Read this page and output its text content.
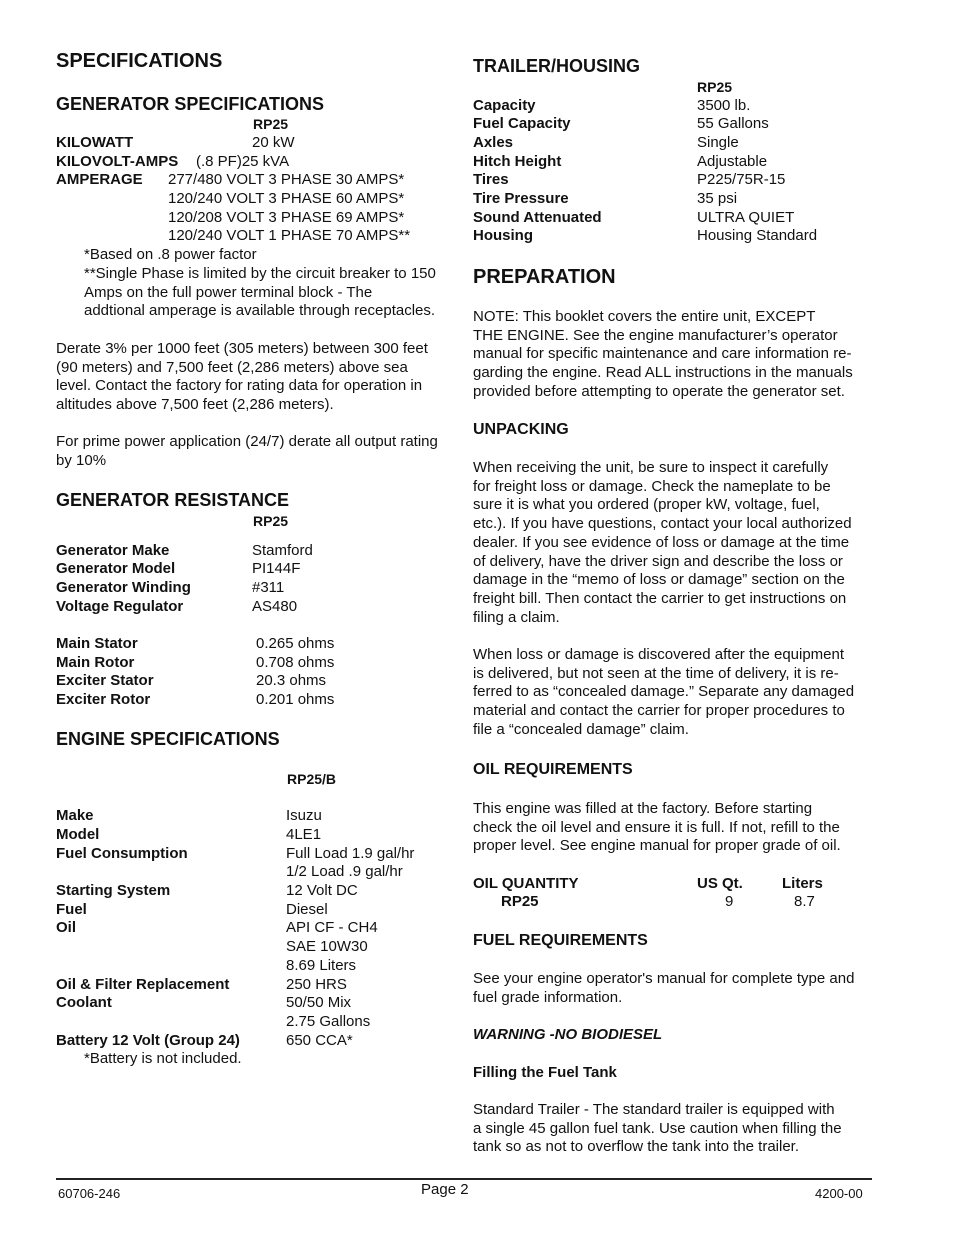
SPECIFICATIONS
GENERATOR SPECIFICATIONS
RP25
KILOWATT	20 kW
KILOVOLT-AMPS (.8 PF)25 kVA
AMPERAGE 277/480 VOLT 3 PHASE 30 AMPS*
120/240 VOLT 3 PHASE 60 AMPS*
120/208 VOLT 3 PHASE 69 AMPS*
120/240 VOLT 1 PHASE 70 AMPS**
*Based on .8 power factor
**Single Phase is limited by the circuit breaker to 150
Amps on the full power terminal block - The
addtional amperage is available through receptacles.
Derate 3% per 1000 feet (305 meters) between 300 feet
(90 meters) and 7,500 feet (2,286 meters) above sea
level. Contact the factory for rating data for operation in
altitudes above 7,500 feet (2,286 meters).
For prime power application (24/7) derate all output rating
by 10%
GENERATOR RESISTANCE
RP25
Generator Make	Stamford
Generator Model	PI144F
Generator Winding	#311
Voltage Regulator	AS480
Main Stator	0.265 ohms
Main Rotor	0.708 ohms
Exciter Stator	20.3 ohms
Exciter Rotor	0.201 ohms
ENGINE SPECIFICATIONS
RP25/B
Make	Isuzu
Model	4LE1
Fuel Consumption	Full Load 1.9 gal/hr
1/2 Load .9 gal/hr
Starting System	12 Volt DC
Fuel	Diesel
Oil	API CF - CH4
SAE 10W30
8.69 Liters
Oil & Filter Replacement	250 HRS
Coolant	50/50 Mix
2.75 Gallons
Battery 12 Volt (Group 24)	650 CCA*
*Battery is not included.
TRAILER/HOUSING
RP25
Capacity	3500 lb.
Fuel Capacity	55 Gallons
Axles	Single
Hitch Height	Adjustable
Tires	P225/75R-15
Tire Pressure	35 psi
Sound Attenuated	ULTRA QUIET
Housing	Housing Standard
PREPARATION
NOTE: This booklet covers the entire unit, EXCEPT
THE ENGINE. See the engine manufacturer’s operator
manual for specific maintenance and care information re-
garding the engine. Read ALL instructions in the manuals
provided before attempting to operate the generator set.
UNPACKING
When receiving the unit, be sure to inspect it carefully
for freight loss or damage. Check the nameplate to be
sure it is what you ordered (proper kW, voltage, fuel,
etc.). If you have questions, contact your local authorized
dealer. If you see evidence of loss or damage at the time
of delivery, have the driver sign and describe the loss or
damage in the “memo of loss or damage” section on the
freight bill. Then contact the carrier to get instructions on
filing a claim.
When loss or damage is discovered after the equipment
is delivered, but not seen at the time of delivery, it is re-
ferred to as “concealed damage.” Separate any damaged
material and contact the carrier for proper procedures to
file a “concealed damage” claim.
OIL REQUIREMENTS
This engine was filled at the factory. Before starting
check the oil level and ensure it is full. If not, refill to the
proper level. See engine manual for proper grade of oil.
OIL QUANTITY	US Qt.	Liters
RP25	9	8.7
FUEL REQUIREMENTS
See your engine operator's manual for complete type and
fuel grade information.
WARNING -NO BIODIESEL
Filling the Fuel Tank
Standard Trailer - The standard trailer is equipped with
a single 45 gallon fuel tank. Use caution when filling the
tank so as not to overflow the tank into the trailer.
60706-246	Page 2	4200-00
